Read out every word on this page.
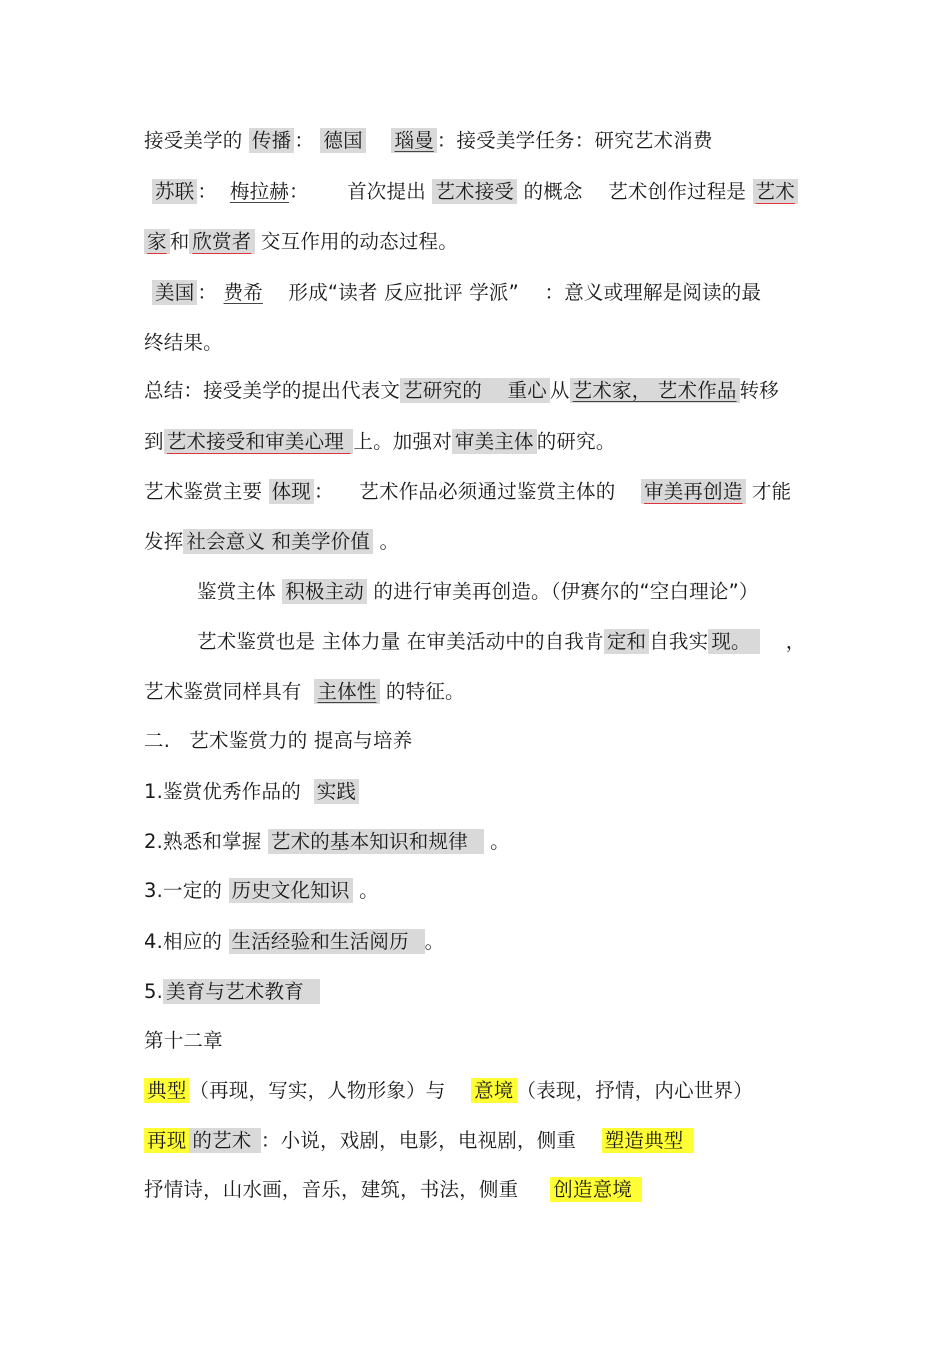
接受美学的 传播 ： 德国 瑙曼 ：接受美学任务：研究艺术消费
苏联 ：  梅拉赫：      首次提出 艺术接受 的概念    艺术创作过程是 艺术
家 和 欣赏者 交互作用的动态过程。
美国 ： 费希    形成“读者 反应批评 学派”    ：意义或理解是阅读的最
终结果。
总结：接受美学的提出代表文 艺研究的    重心 从 艺术家， 艺术作品 转移
到 艺术接受和审美心理 上。加强对 审美主体 的研究。
艺术鉴赏主要 体现 ：    艺术作品必须通过鉴赏主体的    审美再创造 才能
发挥 社会意义 和美学价值 。
鉴赏主体 积极主动 的进行审美再创造。（伊赛尔的“空白理论”）
艺术鉴赏也是 主体力量 在审美活动中的自我肯 定和 自我实 现。     ，
艺术鉴赏同样具有  主体性 的特征。
二.   艺术鉴赏力的 提高与培养
1.鉴赏优秀作品的  实践
2.熟悉和掌握 艺术的基本知识和规律   。
3.一定的 历史文化知识 。
4.相应的 生活经验和生活阅历  。
5. 美育与艺术教育
第十二章
典型 （再现，写实，人物形象）与    意境 （表现，抒情，内心世界）
再现 的艺术 ：小说，戏剧，电影，电视剧，侧重    塑造典型
抒情诗，山水画，音乐，建筑，书法，侧重     创造意境
